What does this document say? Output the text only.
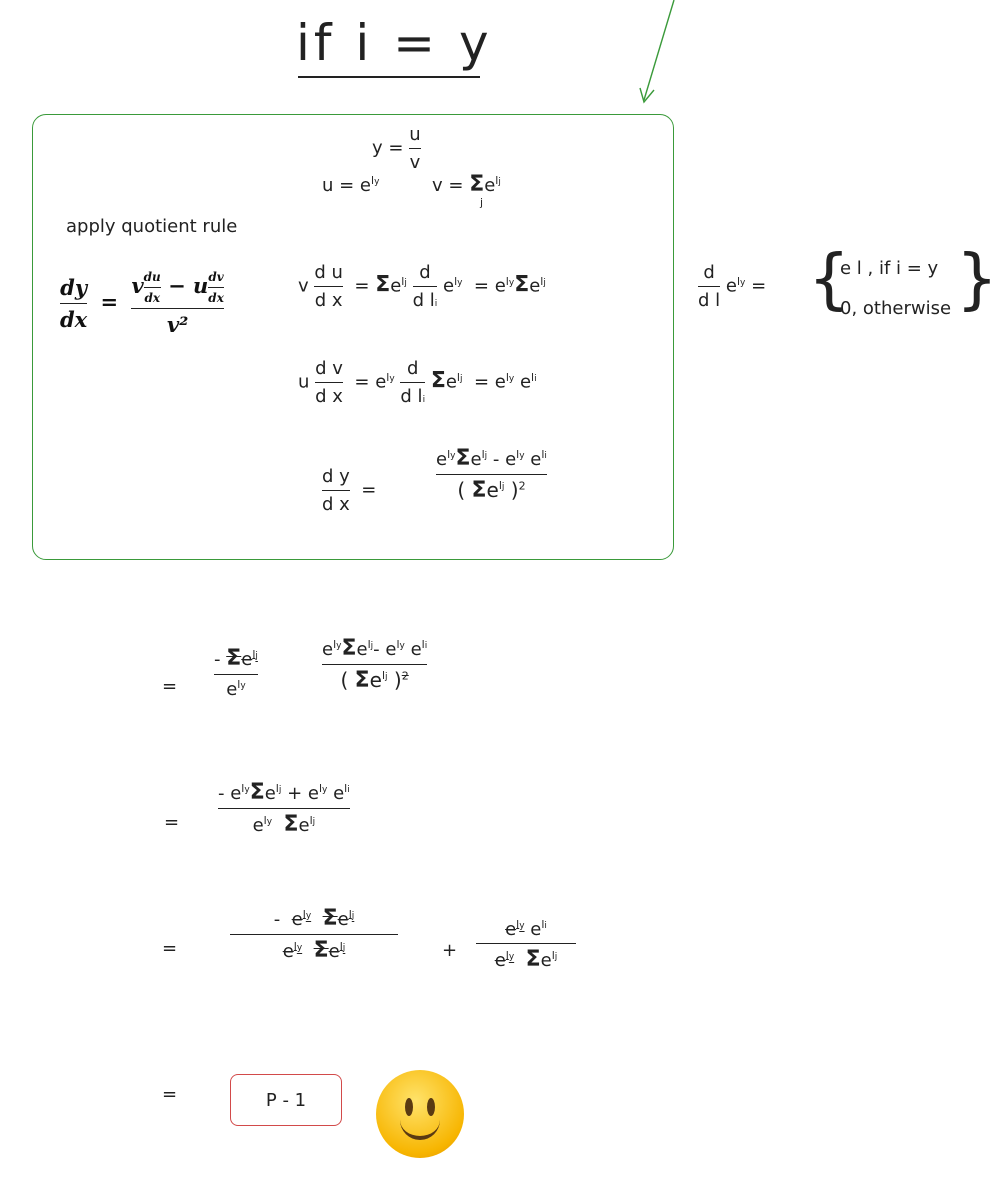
if i = y
$y = \frac{u}{v}$
$u = e^{ly}$	$v = \Sigma e^{lj}$
j
apply quotient rule
$\frac{dy}{dx} = \frac{v \frac{du}{dx} - u \frac{dv}{dx}}{\text{v²}}$	v $\frac{\text{d u}}{\text{d x}} = \Sigma e^{lj} \frac{d}{\text{d li}} e^{ly} = e^{ly}\Sigma e^{lj}$	$\frac{d}{\text{d l}} e^{ly}$ = {
e l , if i = y
0, otherwise }
u $\frac{\text{d v}}{\text{d x}} = e^{ly} \frac{d}{\text{d li}} \Sigma e^{lj} = e^{ly}$ $e^{li}$
$\frac{\text{d y}}{\text{d x}}$ =	$\frac{e^{ly}\Sigma e^{lj} - e^{ly} e^{li}}{( \Sigma e^{lj} )^2}$
= $\frac{- \Sigma e^{lj}}{e^{ly}}$	$\frac{e^{ly}\Sigma e^{lj}- e^{ly} e^{li}}{( \Sigma e^{lj} )^2}$
= $\frac{- e^{ly}\Sigma e^{lj} + e^{ly} e^{li}}{e^{ly} \Sigma e^{lj}}$
=	$\frac{- e^{ly} \Sigma e^{lj}}{e^{ly} \Sigma e^{lj}} + \frac{e^{ly} e^{li}}{e^{ly} \Sigma e^{lj}}$
=	P - 1
